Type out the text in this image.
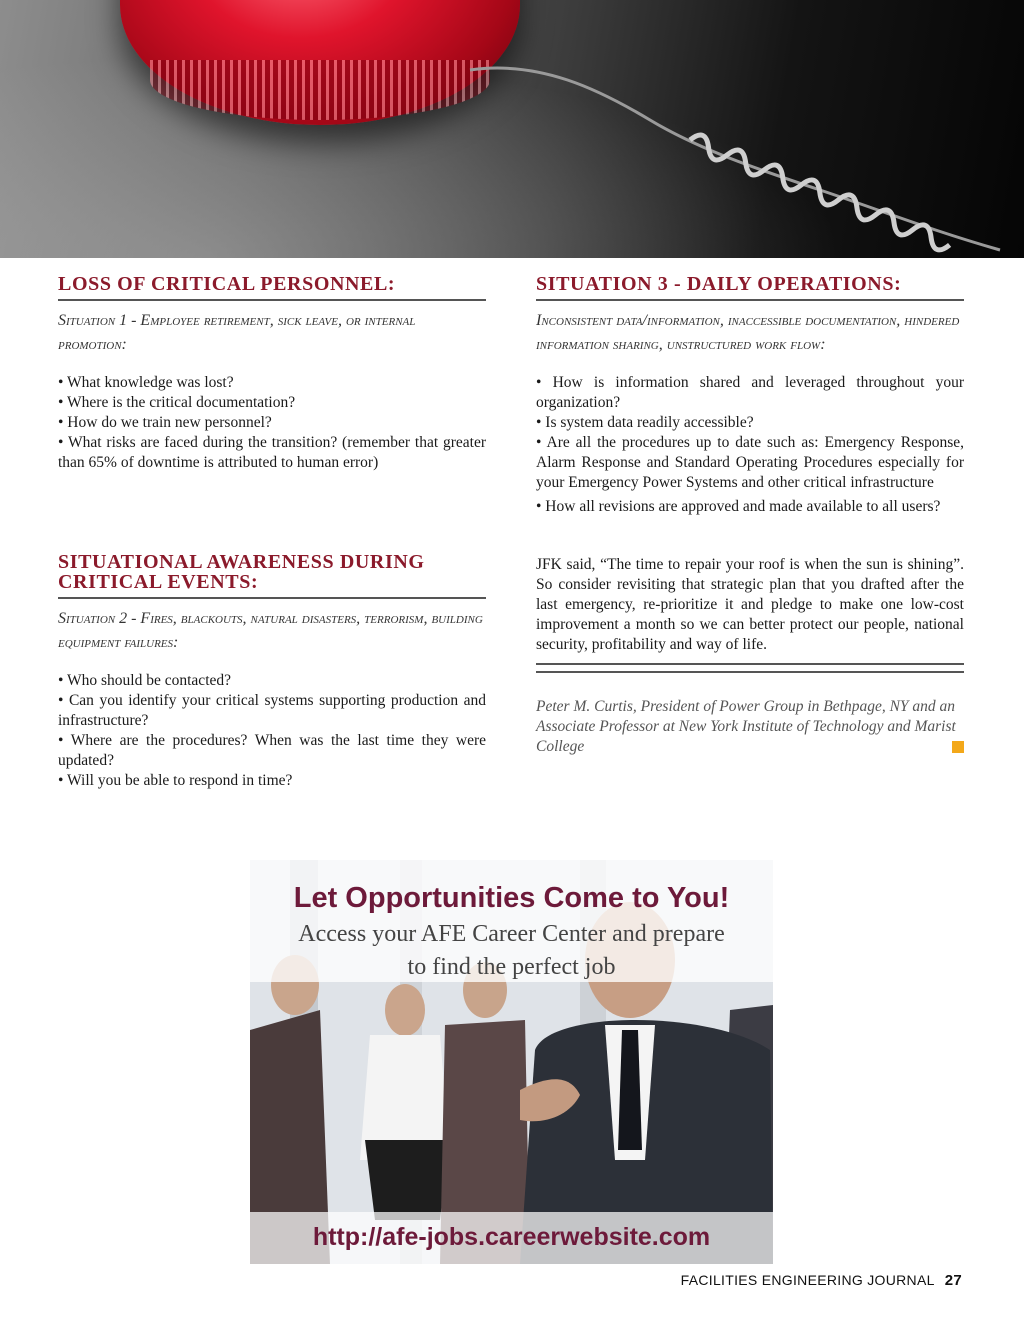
LOSS OF CRITICAL PERSONNEL:
Situation 1 - Employee retirement, sick leave, or internal promotion:
• What knowledge was lost?
• Where is the critical documentation?
• How do we train new personnel?
• What risks are faced during the transition? (remember that greater than 65% of downtime is attributed to human error)
SITUATIONAL AWARENESS DURING
CRITICAL EVENTS:
Situation 2 - Fires, blackouts, natural disasters, terrorism, building equipment failures:
• Who should be contacted?
• Can you identify your critical systems supporting production and infrastructure?
• Where are the procedures? When was the last time they were updated?
• Will you be able to respond in time?
SITUATION 3 - DAILY OPERATIONS:
Inconsistent data/information, inaccessible documentation, hindered information sharing, unstructured work flow:
• How is information shared and leveraged throughout your organization?
• Is system data readily accessible?
• Are all the procedures up to date such as: Emergency Response, Alarm Response and Standard Operating Procedures especially for your Emergency Power Systems and other critical infrastructure
• How all revisions are approved and made available to all users?

JFK said, “The time to repair your roof is when the sun is shining”. So consider revisiting that strategic plan that you drafted after the last emergency, re-prioritize it and pledge to make one low-cost improvement a month so we can better protect our people, national security, profitability and way of life.

Peter M. Curtis, President of Power Group in Bethpage, NY and an Associate Professor at New York Institute of Technology and Marist College

Let Opportunities Come to You!
Access your AFE Career Center and prepare
to find the perfect job
http://afe-jobs.careerwebsite.com
FACILITIES ENGINEERING JOURNAL 27
